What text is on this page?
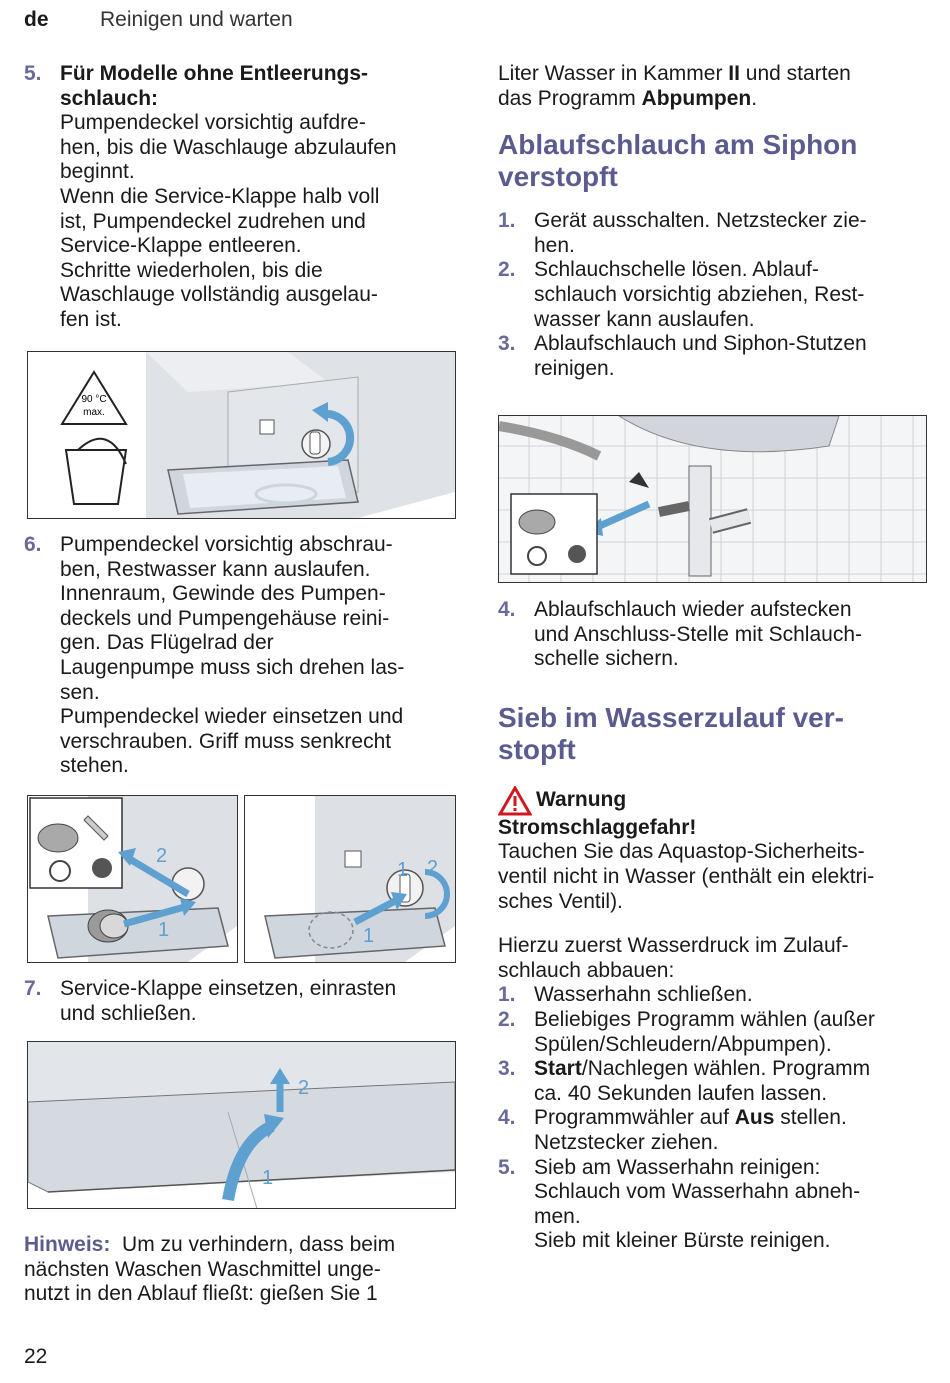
de Reinigen und warten
5. Für Modelle ohne Entleerungs-

schlauch:

Pumpendeckel vorsichtig aufdre-

hen, bis die Waschlauge abzulaufen

beginnt.

Wenn die Service-Klappe halb voll

ist, Pumpendeckel zudrehen und

Service-Klappe entleeren.

Schritte wiederholen, bis die

Waschlauge vollständig ausgelau-

fen ist.

90 °C
max.
6. Pumpendeckel vorsichtig abschrau-

ben, Restwasser kann auslaufen.

Innenraum, Gewinde des Pumpen-

deckels und Pumpengehäuse reini-

gen. Das Flügelrad der

Laugenpumpe muss sich drehen las-

sen.

Pumpendeckel wieder einsetzen und

verschrauben. Griff muss senkrecht

stehen.

2
1
1 2
1
7. Service-Klappe einsetzen, einrasten

und schließen.

2
1

Hinweis: Um zu verhindern, dass beim

nächsten Waschen Waschmittel unge-

nutzt in den Ablauf fließt: gießen Sie 1

Liter Wasser in Kammer II und starten

das Programm Abpumpen.

Ablaufschlauch am Siphon

verstopft

1. Gerät ausschalten. Netzstecker zie-

hen.

2. Schlauchschelle lösen. Ablauf-

schlauch vorsichtig abziehen, Rest-

wasser kann auslaufen.

3. Ablaufschlauch und Siphon-Stutzen

reinigen.

4. Ablaufschlauch wieder aufstecken

und Anschluss-Stelle mit Schlauch-

schelle sichern.

Sieb im Wasserzulauf ver-

stopft

Warnung

Stromschlaggefahr!

Tauchen Sie das Aquastop-Sicherheits-

ventil nicht in Wasser (enthält ein elektri-

sches Ventil).

Hierzu zuerst Wasserdruck im Zulauf-

schlauch abbauen:

1. Wasserhahn schließen.

2. Beliebiges Programm wählen (außer

Spülen/Schleudern/Abpumpen).

3. Start/Nachlegen wählen. Programm

ca. 40 Sekunden laufen lassen.

4. Programmwähler auf Aus stellen.

Netzstecker ziehen.

5. Sieb am Wasserhahn reinigen:

Schlauch vom Wasserhahn abneh-

men.

Sieb mit kleiner Bürste reinigen.

22
